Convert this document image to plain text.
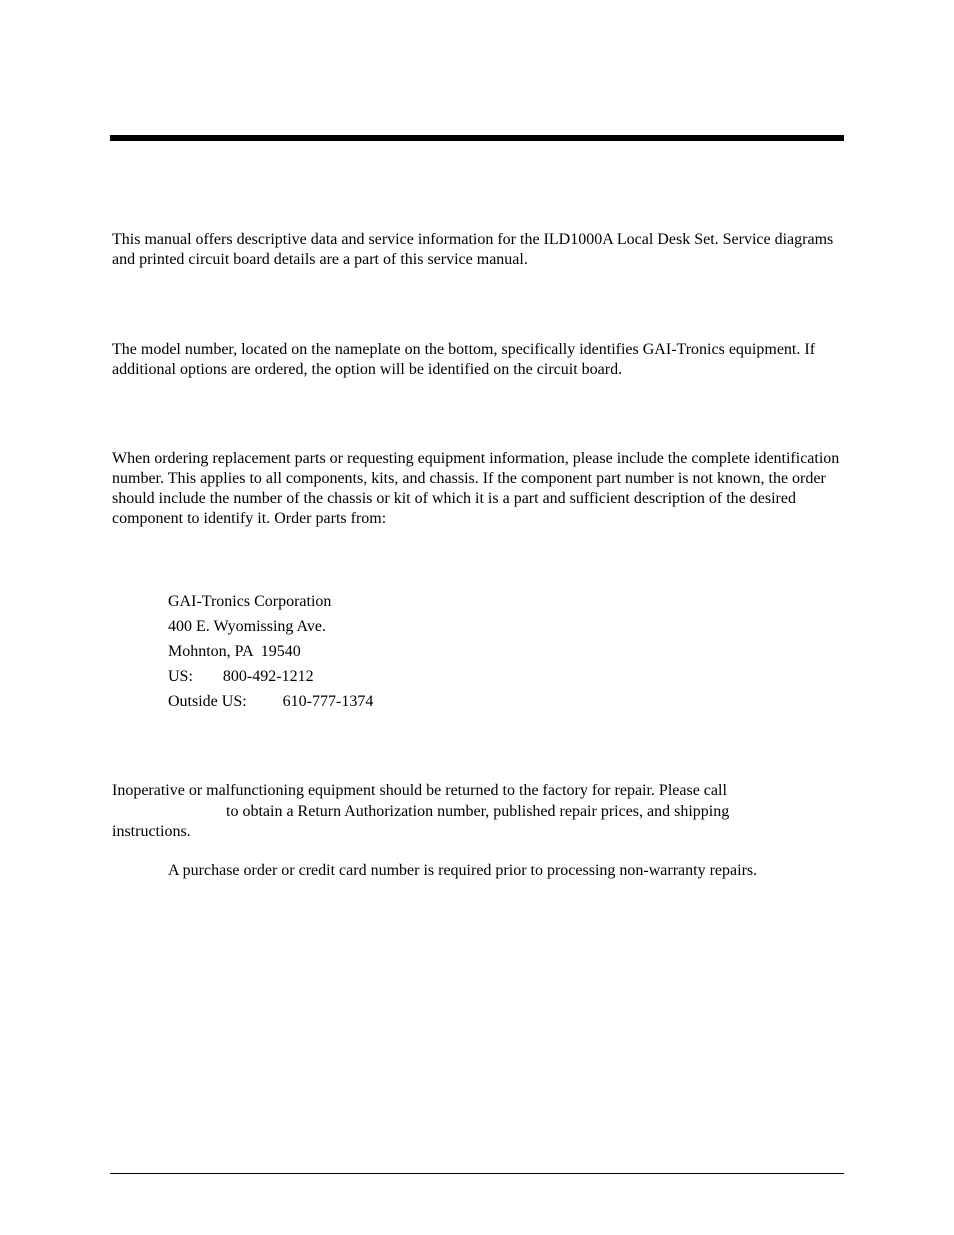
This manual offers descriptive data and service information for the ILD1000A Local Desk Set. Service diagrams and printed circuit board details are a part of this service manual.

The model number, located on the nameplate on the bottom, specifically identifies GAI-Tronics equipment. If additional options are ordered, the option will be identified on the circuit board.

When ordering replacement parts or requesting equipment information, please include the complete identification number. This applies to all components, kits, and chassis. If the component part number is not known, the order should include the number of the chassis or kit of which it is a part and sufficient description of the desired component to identify it. Order parts from:

GAI-Tronics Corporation

400 E. Wyomissing Ave.

Mohnton, PA  19540

US: 800-492-1212

Outside US: 610-777-1374

Inoperative or malfunctioning equipment should be returned to the factory for repair. Please call

to obtain a Return Authorization number, published repair prices, and shipping

instructions.

A purchase order or credit card number is required prior to processing non-warranty repairs.
